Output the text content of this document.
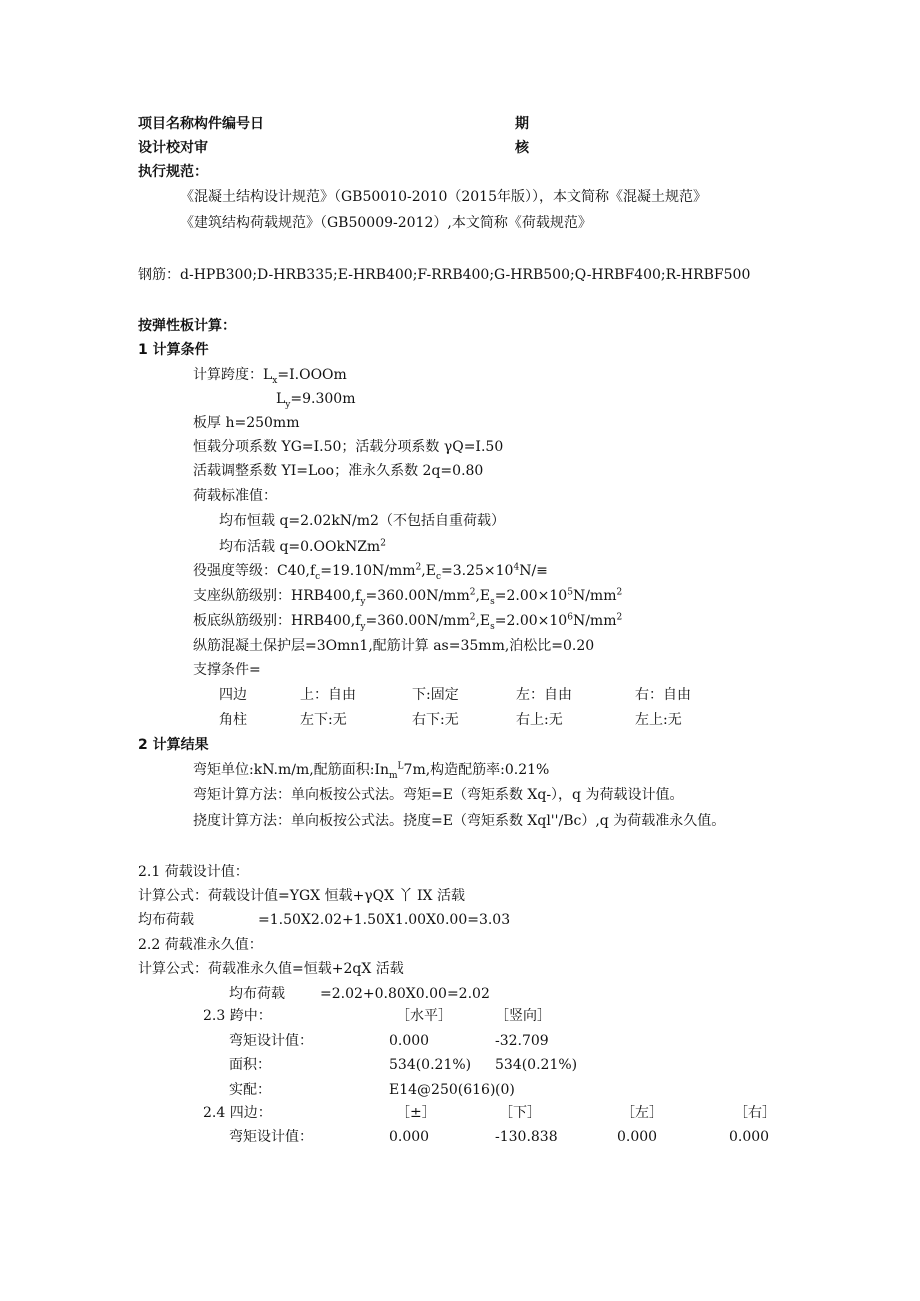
项目名称构件编号日	期
设计校对审	核
执行规范：
《混凝土结构设计规范》（GB50010-2010（2015年版）），本文简称《混凝土规范》
《建筑结构荷载规范》（GB50009-2012）,本文简称《荷载规范》
钢筋：d-HPB300;D-HRB335;E-HRB400;F-RRB400;G-HRB500;Q-HRBF400;R-HRBF500
按弹性板计算：
1 计算条件
计算跨度：$L_x=I.OOOm$
$L_y=9.300m$
板厚 h=250mm
恒载分项系数 YG=I.50；活载分项系数 γQ=I.50
活载调整系数 YI=Loo；准永久系数 2q=0.80
荷载标准值：
均布恒载 q=2.02kN∕m2（不包括自重荷载）
均布活载 q=0.OOkNZm$^2$
役强度等级：$C40,f_c=19.10N∕mm^2,E_c=3.25\times 10^4N∕\equiv$
支座纵筋级别：$HRB400,f_y=360.00N∕mm^2,E_s=2.00\times 10^5N∕mm^2$
板底纵筋级别：$HRB400,f_y=360.00N∕mm^2,E_s=2.00\times 10^6N∕mm^2$
纵筋混凝土保护层=3Omn1,配筋计算 as=35mm,泊松比=0.20
支撑条件=
四边	上：自由	下:固定	左：自由	右：自由
角柱	左下:无	右下:无	右上:无	左上:无
2 计算结果
弯矩单位:kN.m∕m,配筋面积$:In_m^L7m$,构造配筋率:0.21%
弯矩计算方法：单向板按公式法。弯矩=E（弯矩系数 Xq-），q 为荷载设计值。
挠度计算方法：单向板按公式法。挠度=E（弯矩系数 Xql''∕Bc）,q 为荷载准永久值。
2.1 荷载设计值：
计算公式：荷载设计值=YGX 恒载+γQX 丫 IX 活载
均布荷载	=1.50X2.02+1.50X1.00X0.00=3.03
2.2 荷载准永久值：
计算公式：荷载准永久值=恒载+2qX 活载
均布荷载	=2.02+0.80X0.00=2.02
2.3 跨中：	［水平］	［竖向］
弯矩设计值：	0.000	-32.709
面积：	534(0.21%) 534(0.21%)
实配：	E14@250(616) (0)
2.4 四边：	［±］	［下］	［左］	［右］
弯矩设计值：	0.000	-130.838	0.000	0.000
